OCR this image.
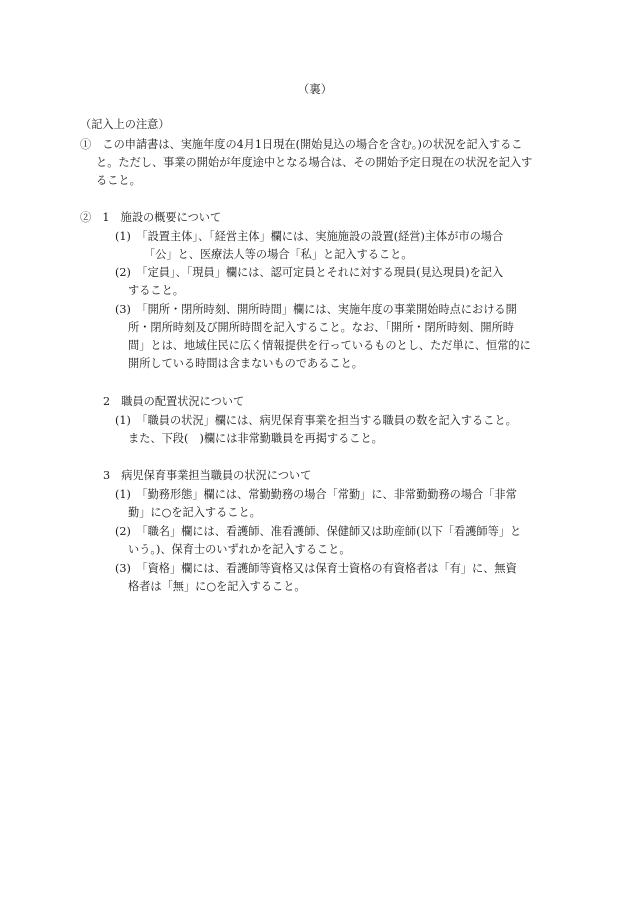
（裏）
（記入上の注意）
①　この申請書は、実施年度の4月1日現在(開始見込の場合を含む。)の状況を記入するこ
と。ただし、事業の開始が年度途中となる場合は、その開始予定日現在の状況を記入す
ること。
②　1　施設の概要について
(1)　「設置主体」、「経営主体」欄には、実施施設の設置(経営)主体が市の場合
「公」と、医療法人等の場合「私」と記入すること。
(2)　「定員」、「現員」欄には、認可定員とそれに対する現員(見込現員)を記入
すること。
(3)　「開所・閉所時刻、開所時間」欄には、実施年度の事業開始時点における開
所・閉所時刻及び開所時間を記入すること。なお、「開所・閉所時刻、開所時
間」とは、地域住民に広く情報提供を行っているものとし、ただ単に、恒常的に
開所している時間は含まないものであること。
2　職員の配置状況について
(1)　「職員の状況」欄には、病児保育事業を担当する職員の数を記入すること。
また、下段(　)欄には非常勤職員を再掲すること。
3　病児保育事業担当職員の状況について
(1)　「勤務形態」欄には、常勤勤務の場合「常勤」に、非常勤勤務の場合「非常
勤」に○を記入すること。
(2)　「職名」欄には、看護師、准看護師、保健師又は助産師(以下「看護師等」と
いう。)、保育士のいずれかを記入すること。
(3)　「資格」欄には、看護師等資格又は保育士資格の有資格者は「有」に、無資
格者は「無」に○を記入すること。
